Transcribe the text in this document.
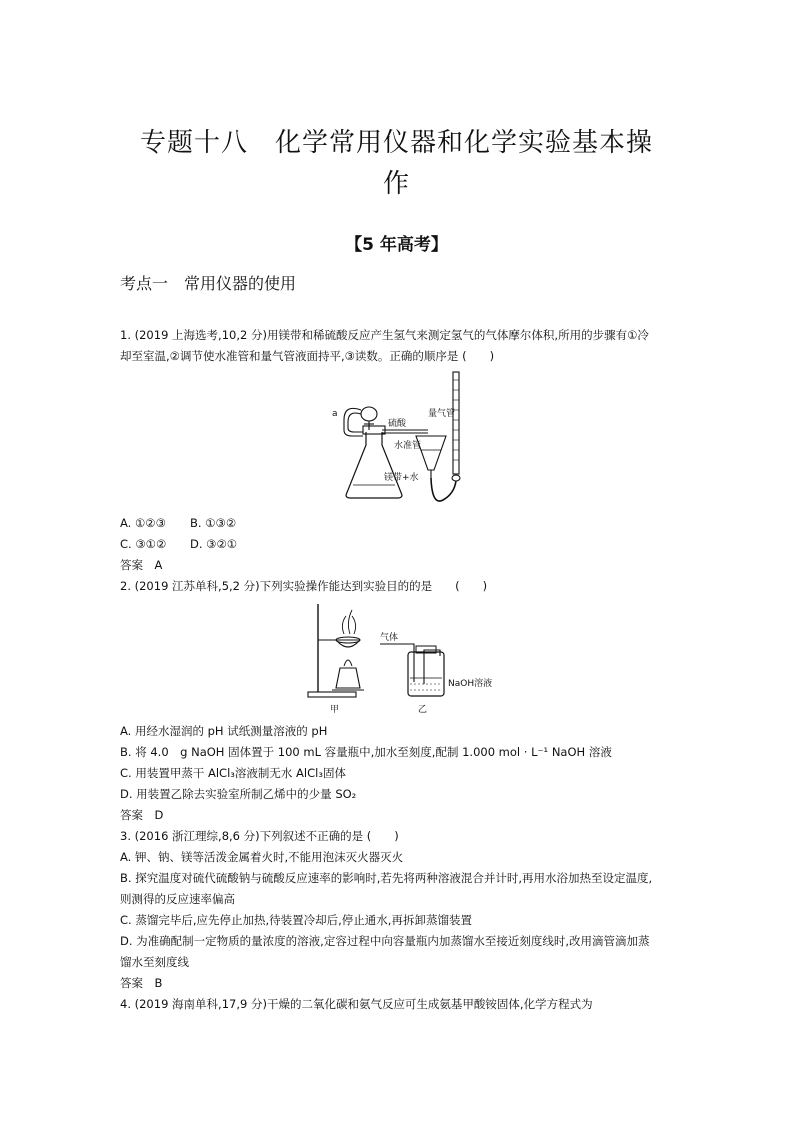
专题十八　化学常用仪器和化学实验基本操
作
【5 年高考】
考点一　常用仪器的使用
1. (2019 上海选考,10,2 分)用镁带和稀硫酸反应产生氢气来测定氢气的气体摩尔体积,所用的步骤有①冷
却至室温,②调节使水准管和量气管液面持平,③读数。正确的顺序是 (　　)
a
硫酸
水准管
镁带+水
量气管
A. ①②③ B. ①③②
C. ③①② D. ③②①
答案　A
2. (2019 江苏单科,5,2 分)下列实验操作能达到实验目的的是　　(　　)
甲
气体
NaOH溶液
乙
A. 用经水湿润的 pH 试纸测量溶液的 pH
B. 将 4.0　g NaOH 固体置于 100 mL 容量瓶中,加水至刻度,配制 1.000 mol · L⁻¹ NaOH 溶液
C. 用装置甲蒸干 AlCl₃溶液制无水 AlCl₃固体
D. 用装置乙除去实验室所制乙烯中的少量 SO₂
答案　D
3. (2016 浙江理综,8,6 分)下列叙述不正确的是 (　　)
A. 钾、钠、镁等活泼金属着火时,不能用泡沫灭火器灭火
B. 探究温度对硫代硫酸钠与硫酸反应速率的影响时,若先将两种溶液混合并计时,再用水浴加热至设定温度,
则测得的反应速率偏高
C. 蒸馏完毕后,应先停止加热,待装置冷却后,停止通水,再拆卸蒸馏装置
D. 为准确配制一定物质的量浓度的溶液,定容过程中向容量瓶内加蒸馏水至接近刻度线时,改用滴管滴加蒸
馏水至刻度线
答案　B
4. (2019 海南单科,17,9 分)干燥的二氧化碳和氨气反应可生成氨基甲酸铵固体,化学方程式为
